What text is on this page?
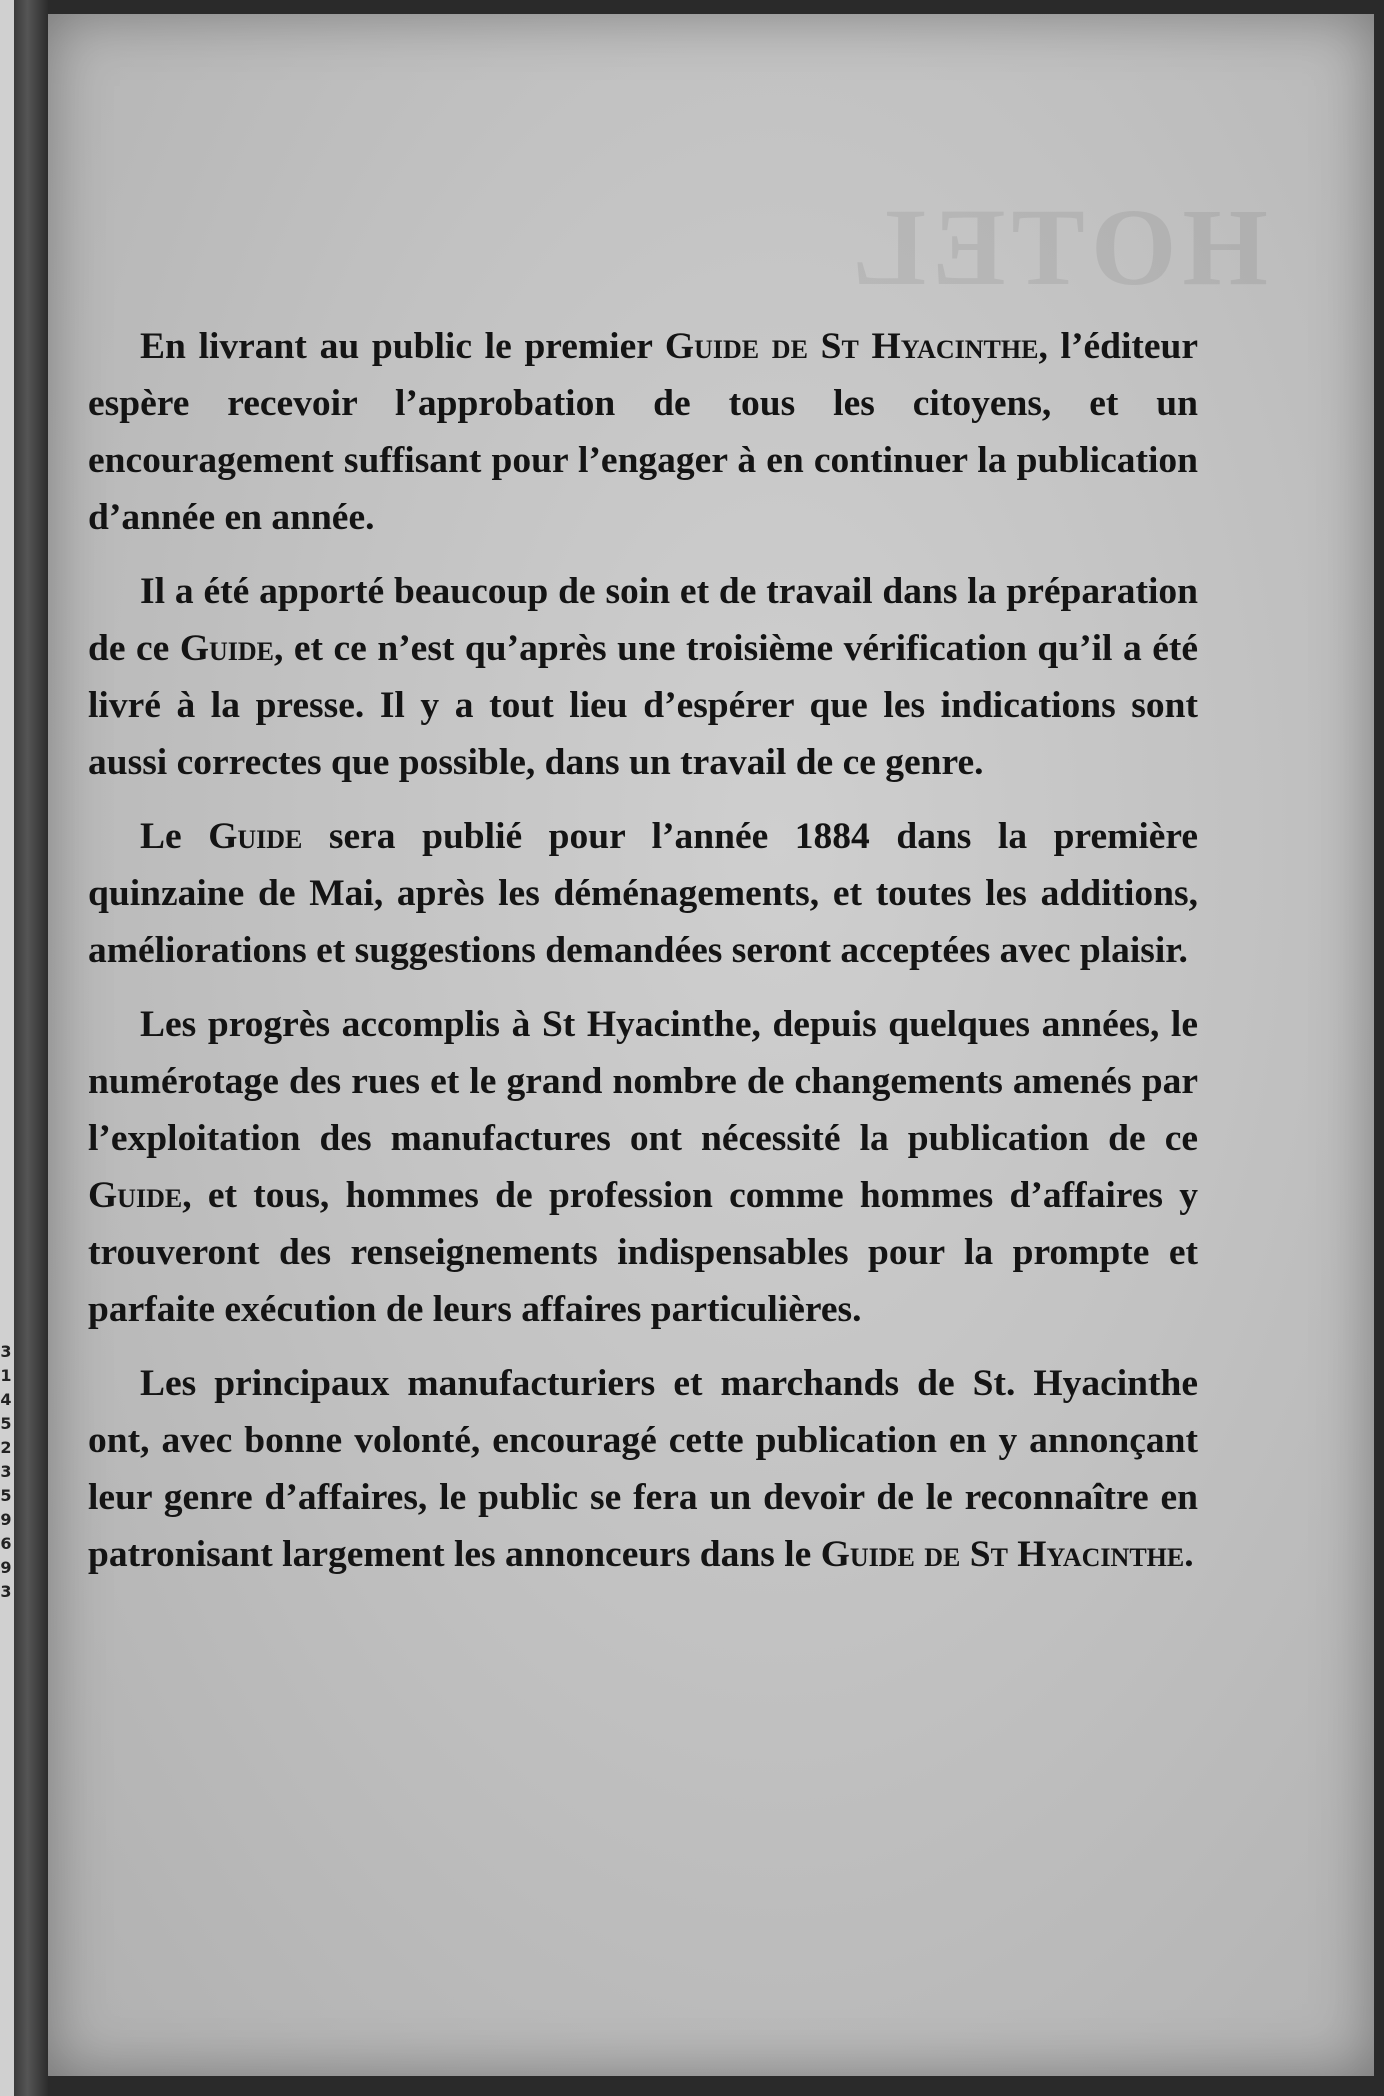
3
1
4
5
2
3
5
9
6
9
3
HOTEL

En livrant au public le premier Guide de St Hyacinthe, l’éditeur espère recevoir l’approbation de tous les citoyens, et un encouragement suffisant pour l’engager à en continuer la publication d’année en année.

Il a été apporté beaucoup de soin et de travail dans la préparation de ce Guide, et ce n’est qu’après une troisième vérification qu’il a été livré à la presse. Il y a tout lieu d’espérer que les indications sont aussi correctes que possible, dans un travail de ce genre.

Le Guide sera publié pour l’année 1884 dans la première quinzaine de Mai, après les déménagements, et toutes les additions, améliorations et suggestions demandées seront acceptées avec plaisir.

Les progrès accomplis à St Hyacinthe, depuis quelques années, le numérotage des rues et le grand nombre de changements amenés par l’exploitation des manufactures ont nécessité la publication de ce Guide, et tous, hommes de profession comme hommes d’affaires y trouveront des renseignements indispensables pour la prompte et parfaite exécution de leurs affaires particulières.

Les principaux manufacturiers et marchands de St. Hyacinthe ont, avec bonne volonté, encouragé cette publication en y annonçant leur genre d’affaires, le public se fera un devoir de le reconnaître en patronisant largement les annonceurs dans le Guide de St Hyacinthe.
